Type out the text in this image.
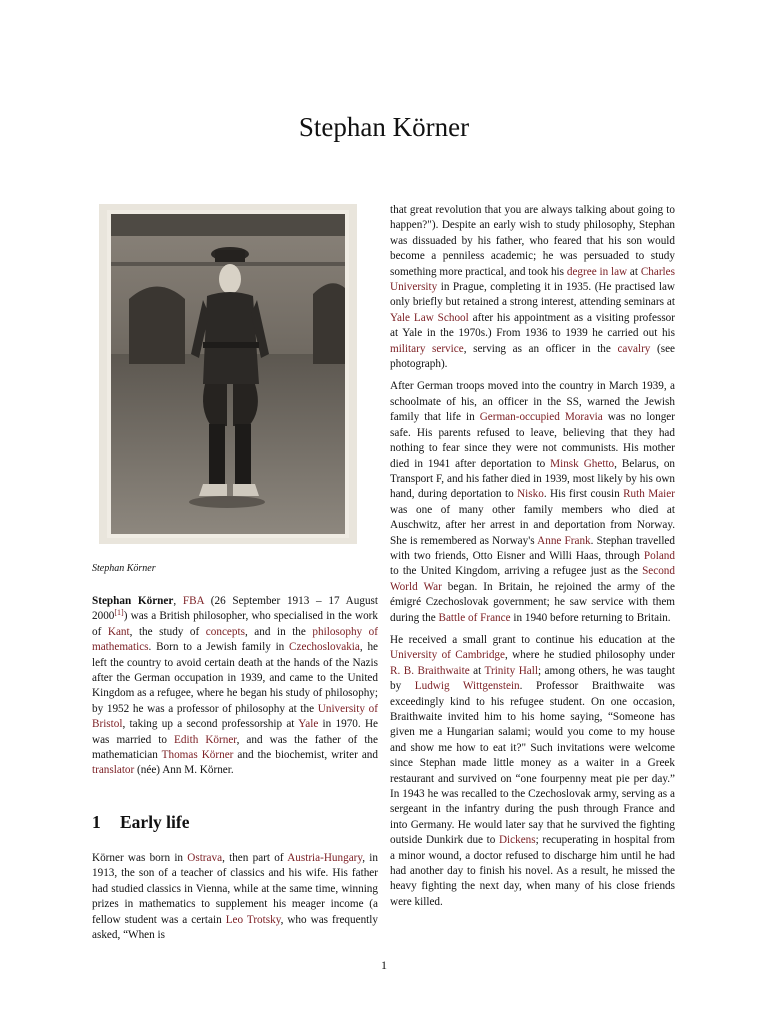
Stephan Körner
Stephan Körner

Stephan Körner, FBA (26 September 1913 – 17 August 2000[1]) was a British philosopher, who specialised in the work of Kant, the study of concepts, and in the philosophy of mathematics. Born to a Jewish family in Czechoslovakia, he left the country to avoid certain death at the hands of the Nazis after the German occupation in 1939, and came to the United Kingdom as a refugee, where he began his study of philosophy; by 1952 he was a professor of philosophy at the University of Bristol, taking up a second professorship at Yale in 1970. He was married to Edith Körner, and was the father of the mathematician Thomas Körner and the biochemist, writer and translator (née) Ann M. Körner.

1 Early life

Körner was born in Ostrava, then part of Austria-Hungary, in 1913, the son of a teacher of classics and his wife. His father had studied classics in Vienna, while at the same time, winning prizes in mathematics to supplement his meager income (a fellow student was a certain Leo Trotsky, who was frequently asked, “When is

that great revolution that you are always talking about going to happen?"). Despite an early wish to study philosophy, Stephan was dissuaded by his father, who feared that his son would become a penniless academic; he was persuaded to study something more practical, and took his degree in law at Charles University in Prague, completing it in 1935. (He practised law only briefly but retained a strong interest, attending seminars at Yale Law School after his appointment as a visiting professor at Yale in the 1970s.) From 1936 to 1939 he carried out his military service, serving as an officer in the cavalry (see photograph).

After German troops moved into the country in March 1939, a schoolmate of his, an officer in the SS, warned the Jewish family that life in German-occupied Moravia was no longer safe. His parents refused to leave, believing that they had nothing to fear since they were not communists. His mother died in 1941 after deportation to Minsk Ghetto, Belarus, on Transport F, and his father died in 1939, most likely by his own hand, during deportation to Nisko. His first cousin Ruth Maier was one of many other family members who died at Auschwitz, after her arrest in and deportation from Norway. She is remembered as Norway's Anne Frank. Stephan travelled with two friends, Otto Eisner and Willi Haas, through Poland to the United Kingdom, arriving a refugee just as the Second World War began. In Britain, he rejoined the army of the émigré Czechoslovak government; he saw service with them during the Battle of France in 1940 before returning to Britain.

He received a small grant to continue his education at the University of Cambridge, where he studied philosophy under R. B. Braithwaite at Trinity Hall; among others, he was taught by Ludwig Wittgenstein. Professor Braithwaite was exceedingly kind to his refugee student. On one occasion, Braithwaite invited him to his home saying, “Someone has given me a Hungarian salami; would you come to my house and show me how to eat it?" Such invitations were welcome since Stephan made little money as a waiter in a Greek restaurant and survived on “one fourpenny meat pie per day.” In 1943 he was recalled to the Czechoslovak army, serving as a sergeant in the infantry during the push through France and into Germany. He would later say that he survived the fighting outside Dunkirk due to Dickens; recuperating in hospital from a minor wound, a doctor refused to discharge him until he had had another day to finish his novel. As a result, he missed the heavy fighting the next day, when many of his close friends were killed.

1
